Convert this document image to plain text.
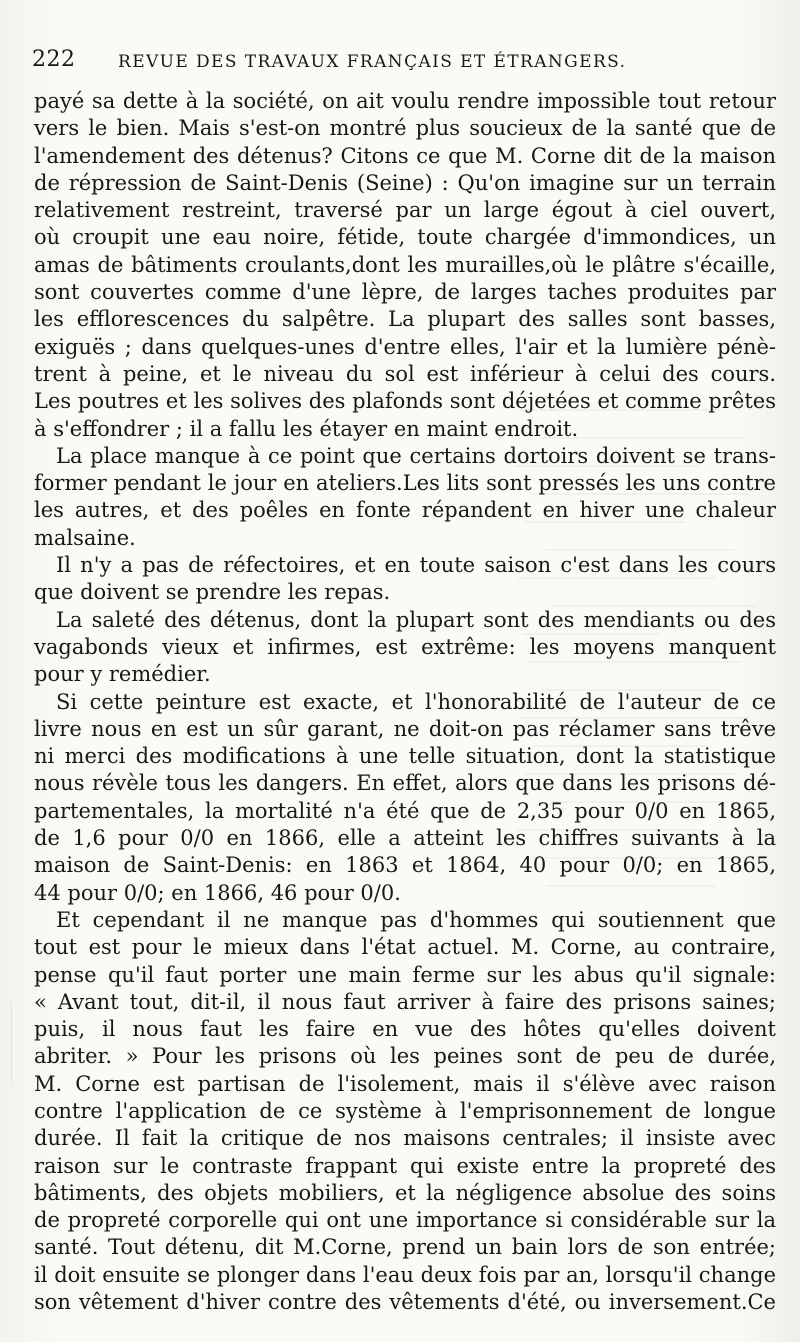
222	REVUE DES TRAVAUX FRANÇAIS ET ÉTRANGERS.
payé sa dette à la société, on ait voulu rendre impossible tout retour
vers le bien. Mais s'est-on montré plus soucieux de la santé que de
l'amendement des détenus? Citons ce que M. Corne dit de la maison
de répression de Saint-Denis (Seine) : Qu'on imagine sur un terrain
relativement restreint, traversé par un large égout à ciel ouvert,
où croupit une eau noire, fétide, toute chargée d'immondices, un
amas de bâtiments croulants,dont les murailles,où le plâtre s'écaille,
sont couvertes comme d'une lèpre, de larges taches produites par
les efflorescences du salpêtre. La plupart des salles sont basses,
exiguës ; dans quelques-unes d'entre elles, l'air et la lumière pénè-
trent à peine, et le niveau du sol est inférieur à celui des cours.
Les poutres et les solives des plafonds sont déjetées et comme prêtes
à s'effondrer ; il a fallu les étayer en maint endroit.
La place manque à ce point que certains dortoirs doivent se trans-
former pendant le jour en ateliers.Les lits sont pressés les uns contre
les autres, et des poêles en fonte répandent en hiver une chaleur
malsaine.
Il n'y a pas de réfectoires, et en toute saison c'est dans les cours
que doivent se prendre les repas.
La saleté des détenus, dont la plupart sont des mendiants ou des
vagabonds vieux et infirmes, est extrême: les moyens manquent
pour y remédier.
Si cette peinture est exacte, et l'honorabilité de l'auteur de ce
livre nous en est un sûr garant, ne doit-on pas réclamer sans trêve
ni merci des modifications à une telle situation, dont la statistique
nous révèle tous les dangers. En effet, alors que dans les prisons dé-
partementales, la mortalité n'a été que de 2,35 pour 0/0 en 1865,
de 1,6 pour 0/0 en 1866, elle a atteint les chiffres suivants à la
maison de Saint-Denis: en 1863 et 1864, 40 pour 0/0; en 1865,
44 pour 0/0; en 1866, 46 pour 0/0.
Et cependant il ne manque pas d'hommes qui soutiennent que
tout est pour le mieux dans l'état actuel. M. Corne, au contraire,
pense qu'il faut porter une main ferme sur les abus qu'il signale:
« Avant tout, dit-il, il nous faut arriver à faire des prisons saines;
puis, il nous faut les faire en vue des hôtes qu'elles doivent
abriter. » Pour les prisons où les peines sont de peu de durée,
M. Corne est partisan de l'isolement, mais il s'élève avec raison
contre l'application de ce système à l'emprisonnement de longue
durée. Il fait la critique de nos maisons centrales; il insiste avec
raison sur le contraste frappant qui existe entre la propreté des
bâtiments, des objets mobiliers, et la négligence absolue des soins
de propreté corporelle qui ont une importance si considérable sur la
santé. Tout détenu, dit M.Corne, prend un bain lors de son entrée;
il doit ensuite se plonger dans l'eau deux fois par an, lorsqu'il change
son vêtement d'hiver contre des vêtements d'été, ou inversement.Ce
